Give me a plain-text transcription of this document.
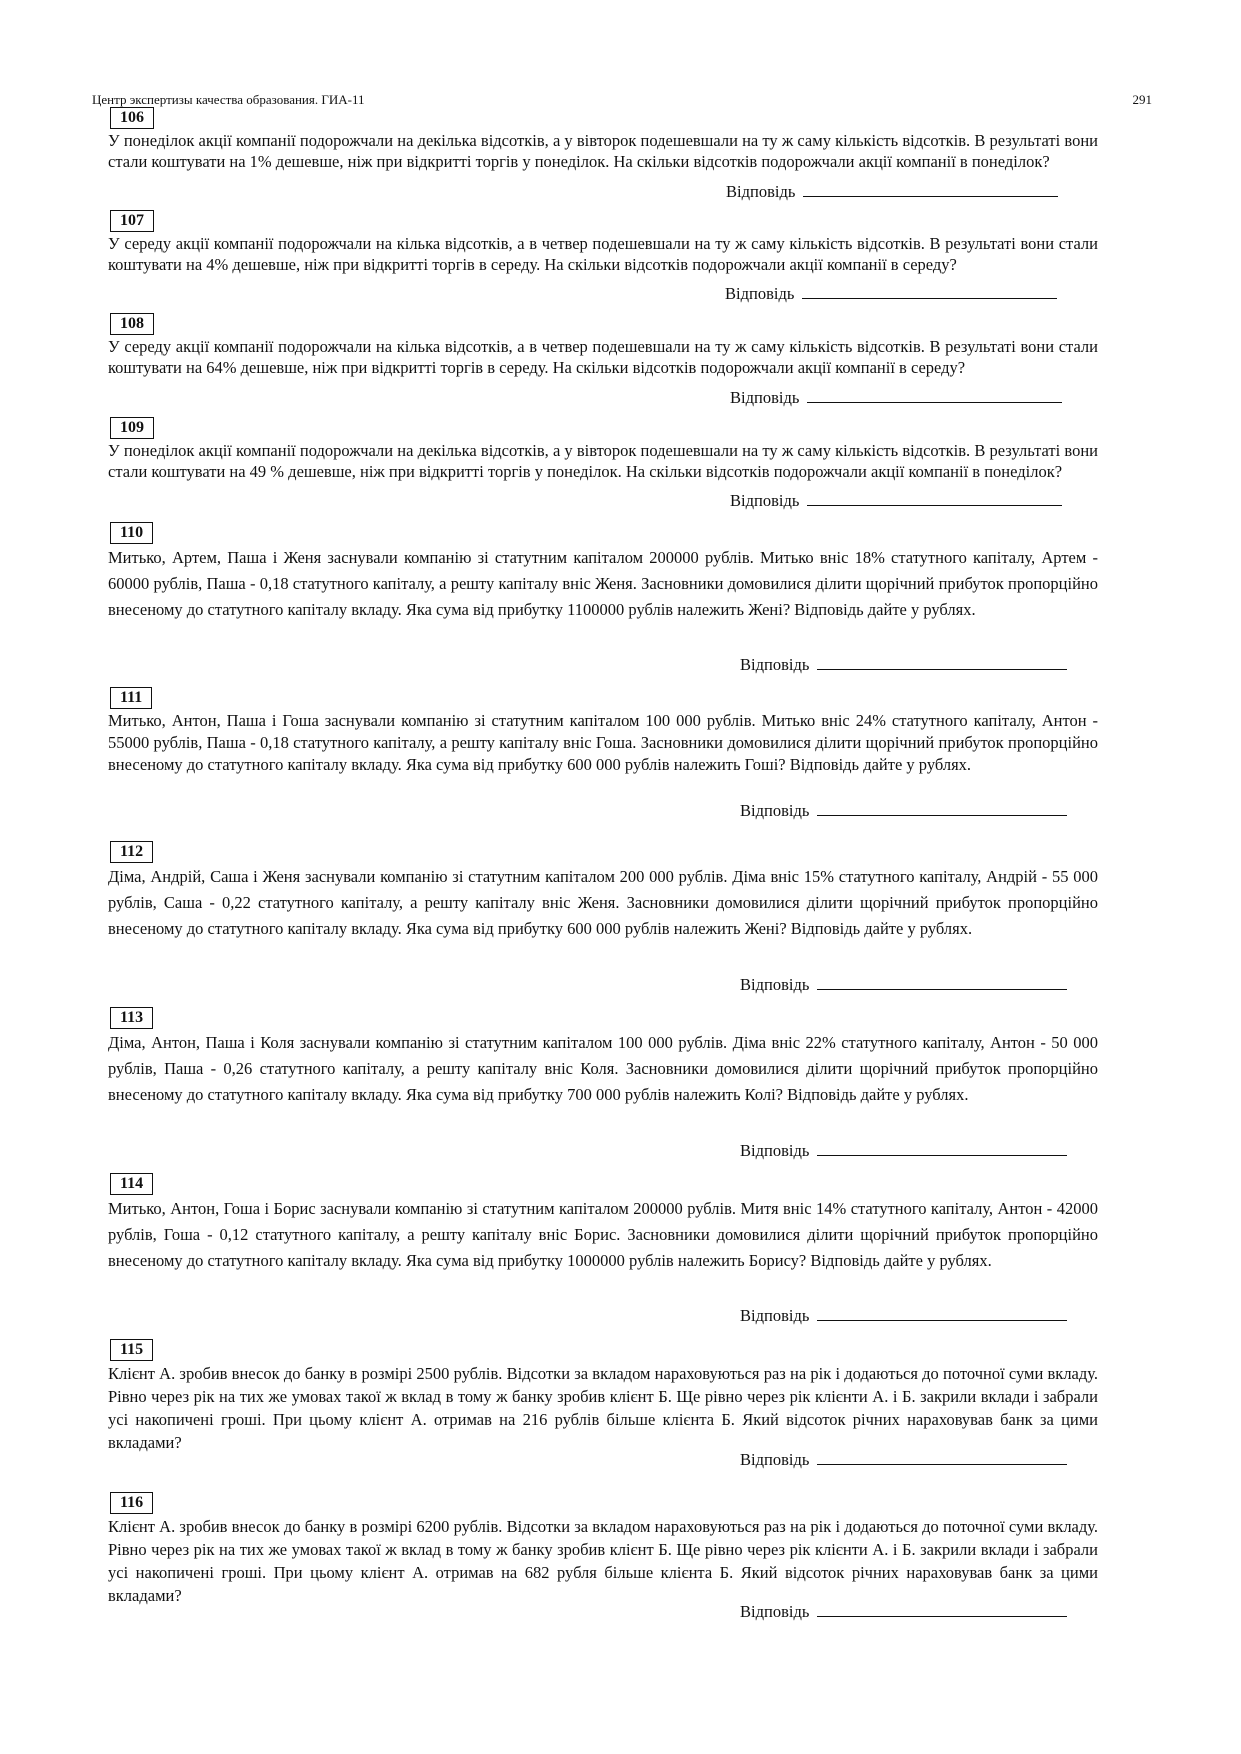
Центр экспертизы качества образования. ГИА-11	291
106
У понеділок акції компанії подорожчали на декілька відсотків, а у вівторок подешевшали на ту ж саму кількість відсотків. В результаті вони стали коштувати на 1% дешевше, ніж при відкритті торгів у понеділок. На скільки відсотків подорожчали акції компанії в понеділок?
Відповідь
107
У середу акції компанії подорожчали на кілька відсотків, а в четвер подешевшали на ту ж саму кількість відсотків. В результаті вони стали коштувати на 4% дешевше, ніж при відкритті торгів в середу. На скільки відсотків подорожчали акції компанії в середу?
Відповідь
108
У середу акції компанії подорожчали на кілька відсотків, а в четвер подешевшали на ту ж саму кількість відсотків. В результаті вони стали коштувати на 64% дешевше, ніж при відкритті торгів в середу. На скільки відсотків подорожчали акції компанії в середу?
Відповідь
109
У понеділок акції компанії подорожчали на декілька відсотків, а у вівторок подешевшали на ту ж саму кількість відсотків. В результаті вони стали коштувати на 49 % дешевше, ніж при відкритті торгів у понеділок. На скільки відсотків подорожчали акції компанії в понеділок?
Відповідь
110
Митько, Артем, Паша і Женя заснували компанію зі статутним капіталом 200000 рублів. Митько вніс 18% статутного капіталу, Артем - 60000 рублів, Паша - 0,18 статутного капіталу, а решту капіталу вніс Женя. Засновники домовилися ділити щорічний прибуток пропорційно внесеному до статутного капіталу вкладу. Яка сума від прибутку 1100000 рублів належить Жені? Відповідь дайте у рублях.
Відповідь
111
Митько, Антон, Паша і Гоша заснували компанію зі статутним капіталом 100 000 рублів. Митько вніс 24% статутного капіталу, Антон - 55000 рублів, Паша - 0,18 статутного капіталу, а решту капіталу вніс Гоша. Засновники домовилися ділити щорічний прибуток пропорційно внесеному до статутного капіталу вкладу. Яка сума від прибутку 600 000 рублів належить Гоші? Відповідь дайте у рублях.
Відповідь
112
Діма, Андрій, Саша і Женя заснували компанію зі статутним капіталом 200 000 рублів. Діма вніс 15% статутного капіталу, Андрій - 55 000 рублів, Саша - 0,22 статутного капіталу, а решту капіталу вніс Женя. Засновники домовилися ділити щорічний прибуток пропорційно внесеному до статутного капіталу вкладу. Яка сума від прибутку 600 000 рублів належить Жені? Відповідь дайте у рублях.
Відповідь
113
Діма, Антон, Паша і Коля заснували компанію зі статутним капіталом 100 000 рублів. Діма вніс 22% статутного капіталу, Антон - 50 000 рублів, Паша - 0,26 статутного капіталу, а решту капіталу вніс Коля. Засновники домовилися ділити щорічний прибуток пропорційно внесеному до статутного капіталу вкладу. Яка сума від прибутку 700 000 рублів належить Колі? Відповідь дайте у рублях.
Відповідь
114
Митько, Антон, Гоша і Борис заснували компанію зі статутним капіталом 200000 рублів. Митя вніс 14% статутного капіталу, Антон - 42000 рублів, Гоша - 0,12 статутного капіталу, а решту капіталу вніс Борис. Засновники домовилися ділити щорічний прибуток пропорційно внесеному до статутного капіталу вкладу. Яка сума від прибутку 1000000 рублів належить Борису? Відповідь дайте у рублях.
Відповідь
115
Клієнт А. зробив внесок до банку в розмірі 2500 рублів. Відсотки за вкладом нараховуються раз на рік і додаються до поточної суми вкладу. Рівно через рік на тих же умовах такої ж вклад в тому ж банку зробив клієнт Б. Ще рівно через рік клієнти А. і Б. закрили вклади і забрали усі накопичені гроші. При цьому клієнт А. отримав на 216 рублів більше клієнта Б. Який відсоток річних нараховував банк за цими вкладами?
Відповідь
116
Клієнт А. зробив внесок до банку в розмірі 6200 рублів. Відсотки за вкладом нараховуються раз на рік і додаються до поточної суми вкладу. Рівно через рік на тих же умовах такої ж вклад в тому ж банку зробив клієнт Б. Ще рівно через рік клієнти А. і Б. закрили вклади і забрали усі накопичені гроші. При цьому клієнт А. отримав на 682 рубля більше клієнта Б. Який відсоток річних нараховував банк за цими вкладами?
Відповідь
